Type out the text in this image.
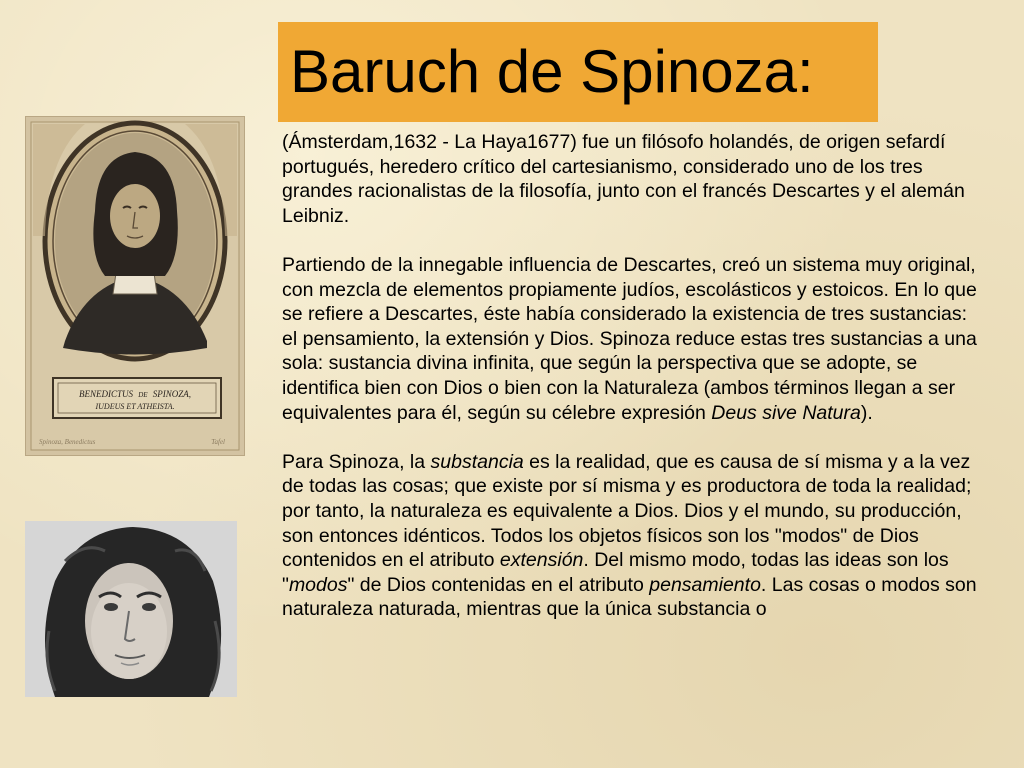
Baruch de Spinoza:
BENEDICTUS DE SPINOZA,
IUDEUS ET ATHEISTA.
Spinoza, Benedictus	Tafel

(Ámsterdam,1632 - La Haya1677) fue un filósofo holandés, de origen sefardí portugués, heredero crítico del cartesianismo, considerado uno de los tres grandes racionalistas de la filosofía, junto con el francés Descartes y el alemán Leibniz.

Partiendo de la innegable influencia de Descartes, creó un sistema muy original, con mezcla de elementos propiamente judíos, escolásticos y estoicos. En lo que se refiere a Descartes, éste había considerado la existencia de tres sustancias: el pensamiento, la extensión y Dios. Spinoza reduce estas tres sustancias a una sola: sustancia divina infinita, que según la perspectiva que se adopte, se identifica bien con Dios o bien con la Naturaleza (ambos términos llegan a ser equivalentes para él, según su célebre expresión Deus sive Natura).

Para Spinoza, la substancia es la realidad, que es causa de sí misma y a la vez de todas las cosas; que existe por sí misma y es productora de toda la realidad; por tanto, la naturaleza es equivalente a Dios. Dios y el mundo, su producción, son entonces idénticos. Todos los objetos físicos son los "modos" de Dios contenidos en el atributo extensión. Del mismo modo, todas las ideas son los "modos" de Dios contenidas en el atributo pensamiento. Las cosas o modos son naturaleza naturada, mientras que la única substancia o
